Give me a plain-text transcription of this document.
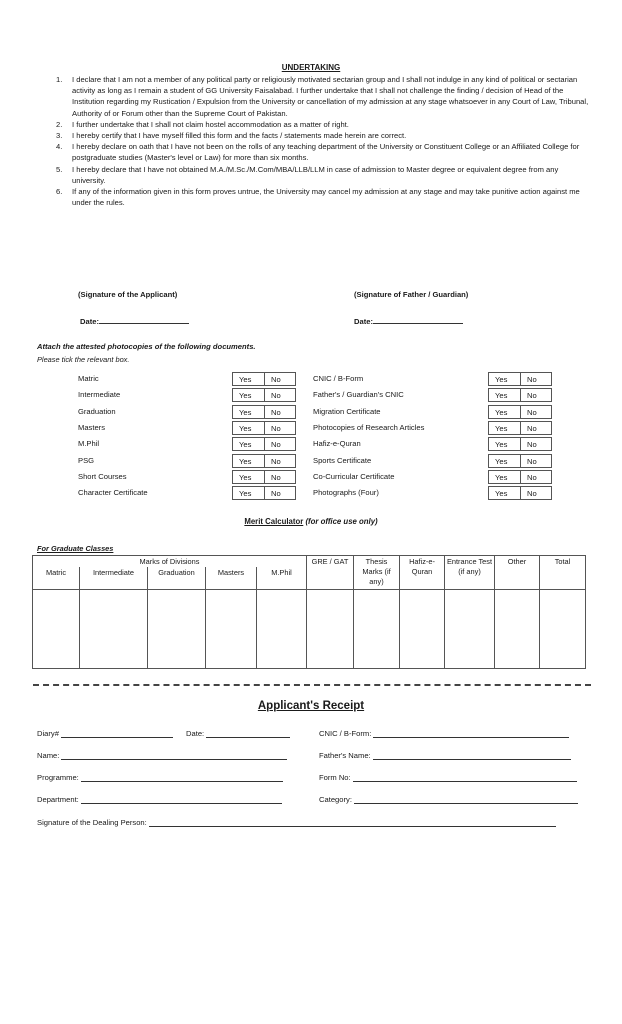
UNDERTAKING
1. I declare that I am not a member of any political party or religiously motivated sectarian group and I shall not indulge in any kind of political or sectarian activity as long as I remain a student of GG University Faisalabad. I further undertake that I shall not challenge the finding / decision of Head of the Institution regarding my Rustication / Expulsion from the University or cancellation of my admission at any stage whatsoever in any Court of Law, Tribunal, Authority of or Forum other than the Supreme Court of Pakistan.
2. I further undertake that I shall not claim hostel accommodation as a matter of right.
3. I hereby certify that I have myself filled this form and the facts / statements made herein are correct.
4. I hereby declare on oath that I have not been on the rolls of any teaching department of the University or Constituent College or an Affiliated College for postgraduate studies (Master's level or Law) for more than six months.
5. I hereby declare that I have not obtained M.A./M.Sc./M.Com/MBA/LLB/LLM in case of admission to Master degree or equivalent degree from any university.
6. If any of the information given in this form proves untrue, the University may cancel my admission at any stage and may take punitive action against me under the rules.
(Signature of the Applicant)	(Signature of Father / Guardian)
Date:	Date:
Attach the attested photocopies of the following documents.
Please tick the relevant box.
Matric	Yes	No
Intermediate	Yes	No
Graduation	Yes	No
Masters	Yes	No
M.Phil	Yes	No
PSG	Yes	No
Short Courses	Yes	No
Character Certificate	Yes	No
CNIC / B-Form	Yes	No
Father's / Guardian's CNIC	Yes	No
Migration Certificate	Yes	No
Photocopies of Research Articles	Yes	No
Hafiz-e-Quran	Yes	No
Sports Certificate	Yes	No
Co-Curricular Certificate	Yes	No
Photographs (Four)	Yes	No
Merit Calculator (for office use only)
For Graduate Classes
Marks of Divisions					GRE / GAT	Thesis Marks (if any)	Hafiz-e-Quran	Entrance Test (if any)	Other	Total
Matric	Intermediate	Graduation	Masters	M.Phil						

Applicant's Receipt
Diary#	Date:	CNIC / B-Form:
Name:	Father's Name:
Programme:	Form No:
Department:	Category:
Signature of the Dealing Person:
